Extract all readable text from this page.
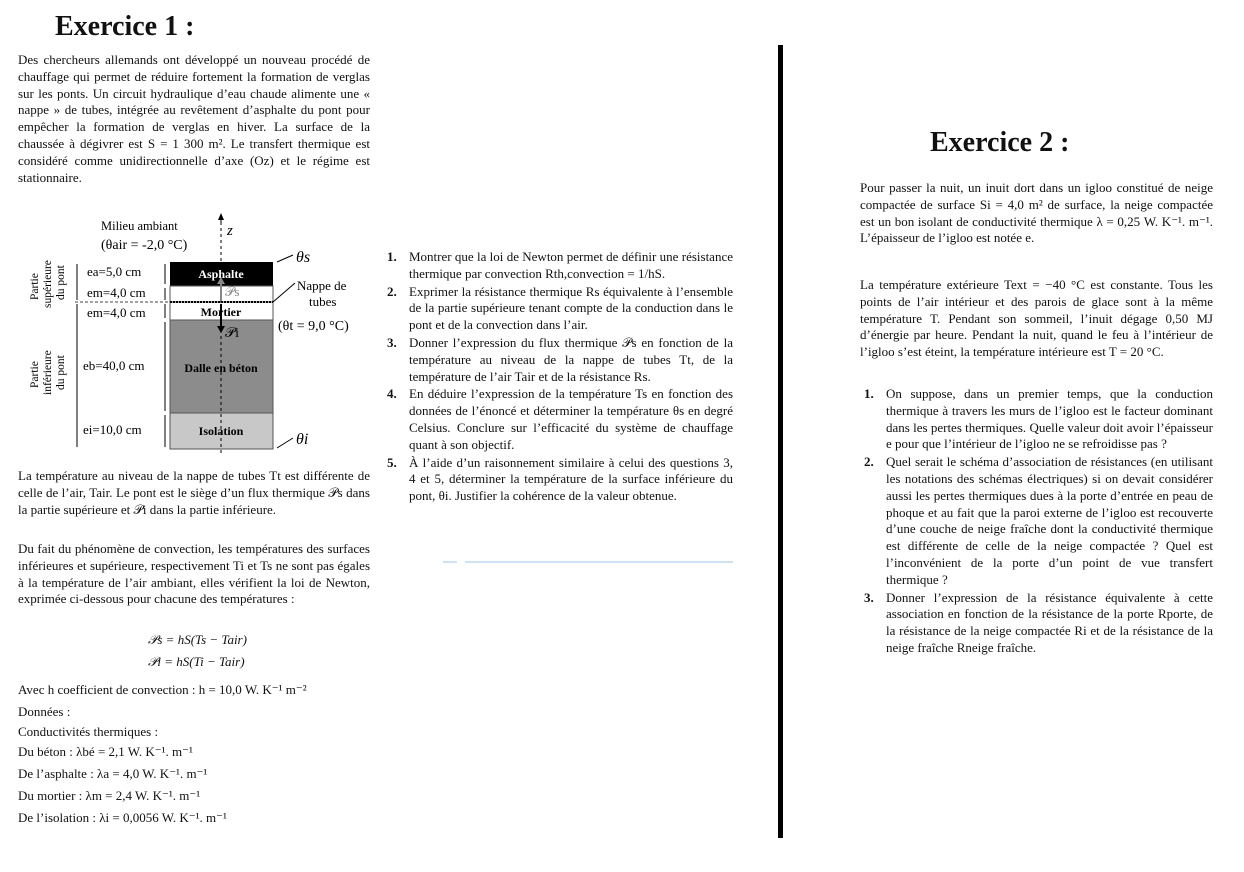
Exercice 1 :

Des chercheurs allemands ont développé un nouveau procédé de chauffage qui permet de réduire fortement la formation de verglas sur les ponts. Un circuit hydraulique d’eau chaude alimente une « nappe » de tubes, intégrée au revêtement d’asphalte du pont pour empêcher la formation de verglas en hiver. La surface de la chaussée à dégivrer est S = 1 300 m². Le transfert thermique est considéré comme unidirectionnelle d’axe (Oz) et le régime est stationnaire.

Milieu ambiant
(θair = -2,0 °C)
z
θs
θi
Nappe de
tubes
(θt = 9,0 °C)
ea=5,0 cm
em=4,0 cm
em=4,0 cm
eb=40,0 cm
ei=10,0 cm
Asphalte
Mortier
Dalle en béton
Isolation
𝒫s
𝒫i
Partie supérieure du pont
Partie inférieure du pont

La température au niveau de la nappe de tubes Tt est différente de celle de l’air, Tair. Le pont est le siège d’un flux thermique 𝒫s dans la partie supérieure et 𝒫i dans la partie inférieure.

Du fait du phénomène de convection, les températures des surfaces inférieures et supérieure, respectivement Ti et Ts ne sont pas égales à la température de l’air ambiant, elles vérifient la loi de Newton, exprimée ci-dessous pour chacune des températures :

𝒫s = hS(Ts − Tair)
𝒫i = hS(Ti − Tair)
Avec h coefficient de convection : h = 10,0 W. K⁻¹ m⁻²
Données :
Conductivités thermiques :
Du béton : λbé = 2,1 W. K⁻¹. m⁻¹
De l’asphalte : λa = 4,0 W. K⁻¹. m⁻¹
Du mortier : λm = 2,4 W. K⁻¹. m⁻¹
De l’isolation : λi = 0,0056 W. K⁻¹. m⁻¹
1. Montrer que la loi de Newton permet de définir une résistance thermique par convection Rth,convection = 1/hS.
2. Exprimer la résistance thermique Rs équivalente à l’ensemble de la partie supérieure tenant compte de la conduction dans le pont et de la convection dans l’air.
3. Donner l’expression du flux thermique 𝒫s en fonction de la température au niveau de la nappe de tubes Tt, de la température de l’air Tair et de la résistance Rs.
4. En déduire l’expression de la température Ts en fonction des données de l’énoncé et déterminer la température θs en degré Celsius. Conclure sur l’efficacité du système de chauffage quant à son objectif.
5. À l’aide d’un raisonnement similaire à celui des questions 3, 4 et 5, déterminer la température de la surface inférieure du pont, θi. Justifier la cohérence de la valeur obtenue.
Exercice 2 :

Pour passer la nuit, un inuit dort dans un igloo constitué de neige compactée de surface Si = 4,0 m² de surface, la neige compactée est un bon isolant de conductivité thermique λ = 0,25 W. K⁻¹. m⁻¹. L’épaisseur de l’igloo est notée e.

La température extérieure Text = −40 °C est constante. Tous les points de l’air intérieur et des parois de glace sont à la même température T. Pendant son sommeil, l’inuit dégage 0,50 MJ d’énergie par heure. Pendant la nuit, quand le feu à l’intérieur de l’igloo s’est éteint, la température intérieure est T = 20 °C.

1. On suppose, dans un premier temps, que la conduction thermique à travers les murs de l’igloo est le facteur dominant dans les pertes thermiques. Quelle valeur doit avoir l’épaisseur e pour que l’intérieur de l’igloo ne se refroidisse pas ?
2. Quel serait le schéma d’association de résistances (en utilisant les notations des schémas électriques) si on devait considérer aussi les pertes thermiques dues à la porte d’entrée en peau de phoque et au fait que la paroi externe de l’igloo est recouverte d’une couche de neige fraîche dont la conductivité thermique est différente de celle de la neige compactée ? Quel est l’inconvénient de la porte d’un point de vue transfert thermique ?
3. Donner l’expression de la résistance équivalente à cette association en fonction de la résistance de la porte Rporte, de la résistance de la neige compactée Ri et de la résistance de la neige fraîche Rneige fraîche.
